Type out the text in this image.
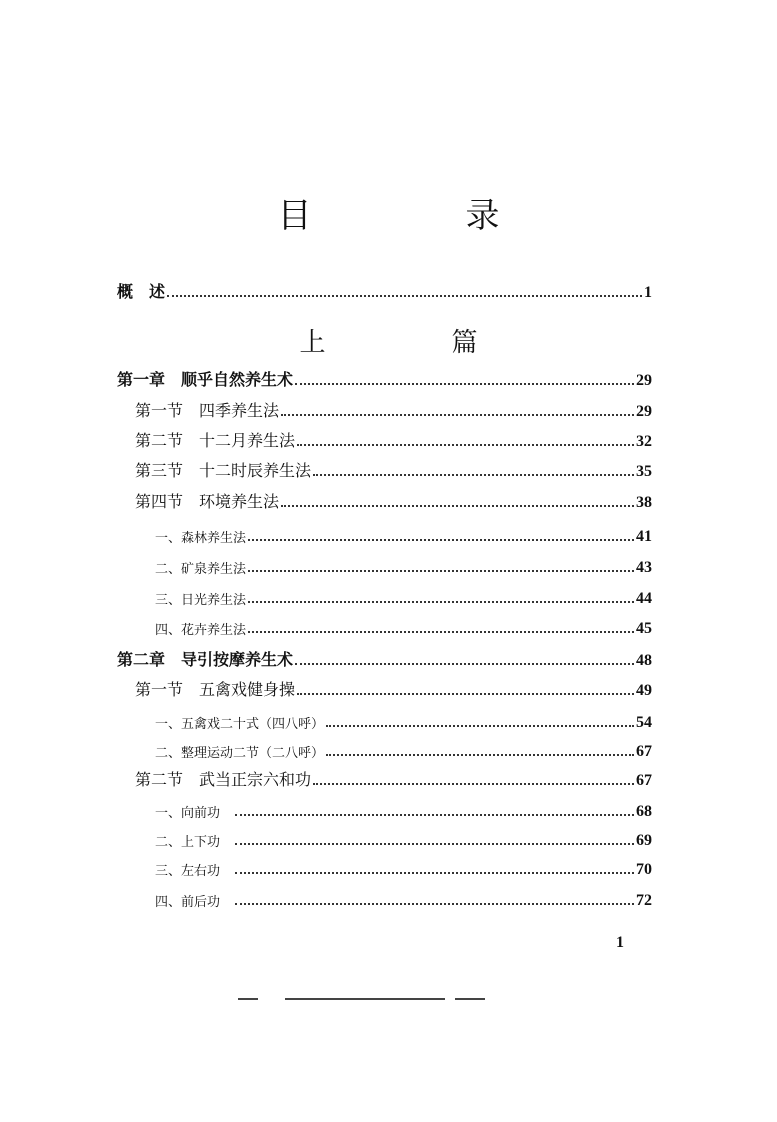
目　录
概　述	1
上　篇
第一章　顺乎自然养生术	29
第一节　四季养生法	29
第二节　十二月养生法	32
第三节　十二时辰养生法	35
第四节　环境养生法	38
一、森林养生法	41
二、矿泉养生法	43
三、日光养生法	44
四、花卉养生法	45
第二章　导引按摩养生术	48
第一节　五禽戏健身操	49
一、五禽戏二十式（四八呼）	54
二、整理运动二节（二八呼）	67
第二节　武当正宗六和功	67
一、向前功　	68
二、上下功　	69
三、左右功　	70
四、前后功　	72
1
